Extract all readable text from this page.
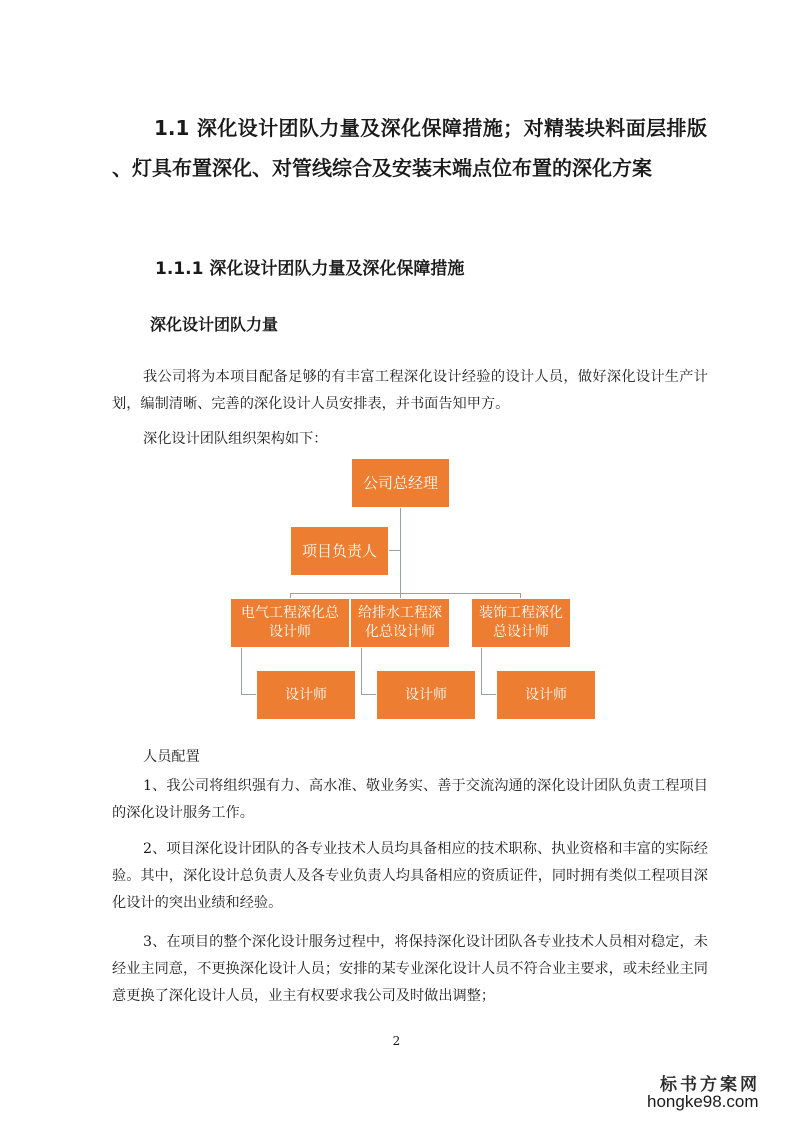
1.1 深化设计团队力量及深化保障措施；对精装块料面层排版 、灯具布置深化、对管线综合及安装末端点位布置的深化方案
1.1.1 深化设计团队力量及深化保障措施
深化设计团队力量
我公司将为本项目配备足够的有丰富工程深化设计经验的设计人员，做好深化设计生产计划，编制清晰、完善的深化设计人员安排表，并书面告知甲方。
深化设计团队组织架构如下：
公司总经理
项目负责人
电气工程深化总设计师
给排水工程深化总设计师
装饰工程深化总设计师
设计师	设计师	设计师
人员配置
1、我公司将组织强有力、高水准、敬业务实、善于交流沟通的深化设计团队负责工程项目的深化设计服务工作。
2、项目深化设计团队的各专业技术人员均具备相应的技术职称、执业资格和丰富的实际经验。其中，深化设计总负责人及各专业负责人均具备相应的资质证件，同时拥有类似工程项目深化设计的突出业绩和经验。
3、在项目的整个深化设计服务过程中，将保持深化设计团队各专业技术人员相对稳定，未经业主同意，不更换深化设计人员；安排的某专业深化设计人员不符合业主要求，或未经业主同意更换了深化设计人员，业主有权要求我公司及时做出调整；
2
标书方案网
hongke98.com
